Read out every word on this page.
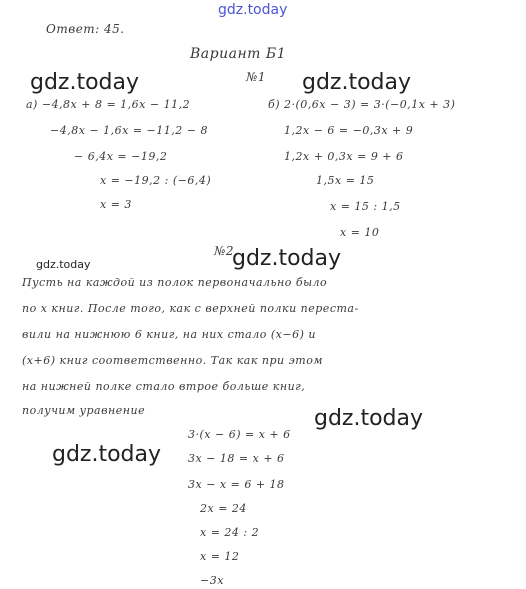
gdz.today
Ответ: 45.
Вариант Б1
№1
gdz.today	gdz.today
а) −4,8x + 8 = 1,6x − 11,2
−4,8x − 1,6x = −11,2 − 8
− 6,4x = −19,2
x = −19,2 : (−6,4)
x = 3
б) 2·(0,6x − 3) = 3·(−0,1x + 3)
1,2x − 6 = −0,3x + 9
1,2x + 0,3x = 9 + 6
1,5x = 15
x = 15 : 1,5
x = 10
№2
gdz.today
gdz.today
Пусть на каждой из полок первоначально было
по x книг. После того, как с верхней полки переста-
вили на нижнюю 6 книг, на них стало (x−6) и
(x+6) книг соответственно. Так как при этом
на нижней полке стало втрое больше книг,
получим уравнение	gdz.today
gdz.today
3·(x − 6) = x + 6
3x − 18 = x + 6
3x − x = 6 + 18
2x = 24
x = 24 : 2
x = 12
−3x	gdz.today
